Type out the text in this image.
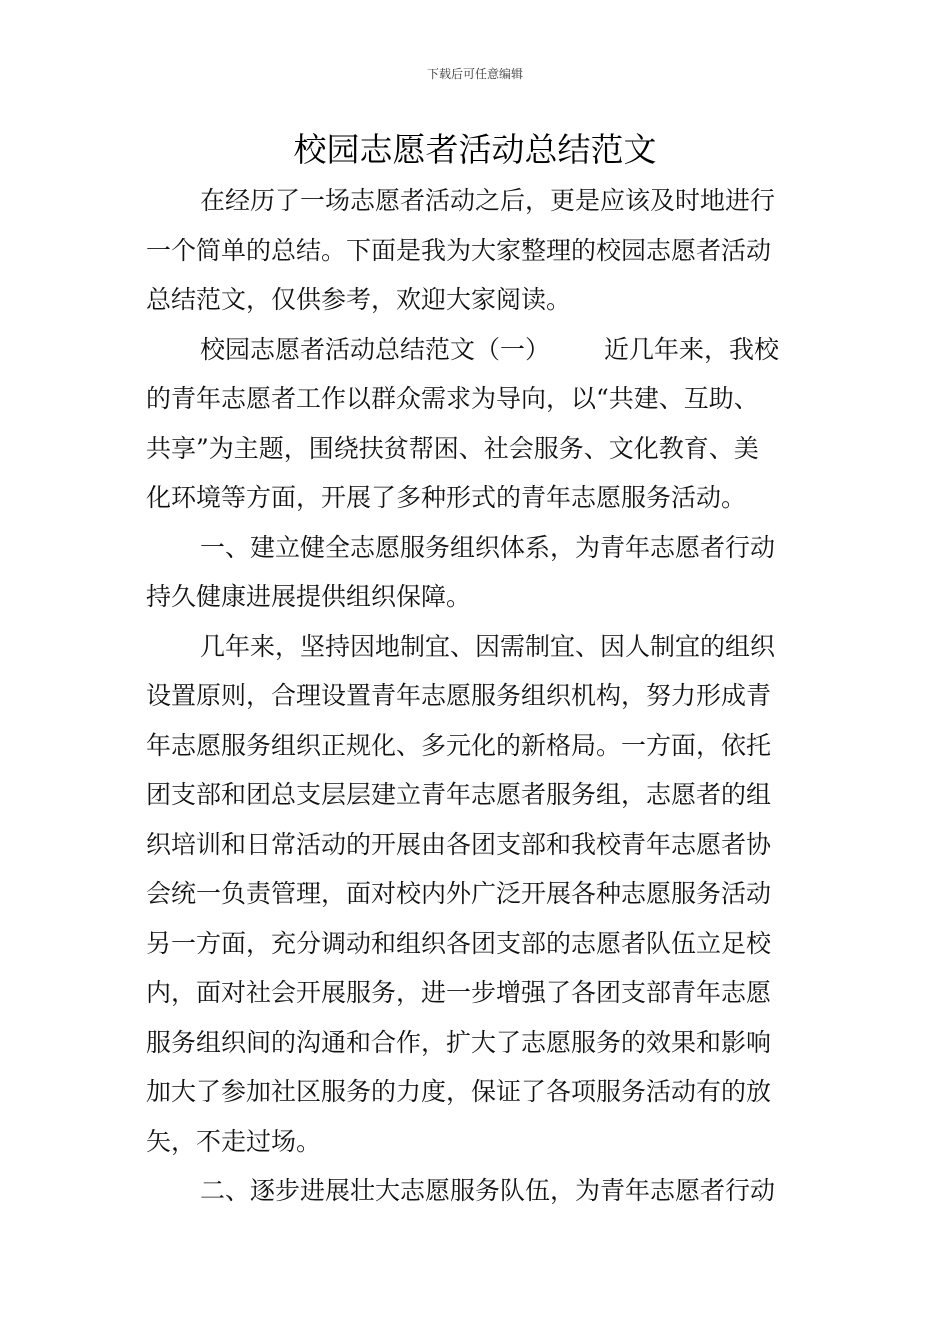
下载后可任意编辑
校园志愿者活动总结范文
在经历了一场志愿者活动之后，更是应该及时地进行
一个简单的总结。下面是我为大家整理的校园志愿者活动
总结范文，仅供参考，欢迎大家阅读。
校园志愿者活动总结范文（一） 近几年来，我校
的青年志愿者工作以群众需求为导向，以“共建、互助、
共享”为主题，围绕扶贫帮困、社会服务、文化教育、美
化环境等方面，开展了多种形式的青年志愿服务活动。
一、建立健全志愿服务组织体系，为青年志愿者行动
持久健康进展提供组织保障。
几年来，坚持因地制宜、因需制宜、因人制宜的组织
设置原则，合理设置青年志愿服务组织机构，努力形成青
年志愿服务组织正规化、多元化的新格局。一方面，依托
团支部和团总支层层建立青年志愿者服务组，志愿者的组
织培训和日常活动的开展由各团支部和我校青年志愿者协
会统一负责管理，面对校内外广泛开展各种志愿服务活动
另一方面，充分调动和组织各团支部的志愿者队伍立足校
内，面对社会开展服务，进一步增强了各团支部青年志愿
服务组织间的沟通和合作，扩大了志愿服务的效果和影响
加大了参加社区服务的力度，保证了各项服务活动有的放
矢，不走过场。
二、逐步进展壮大志愿服务队伍，为青年志愿者行动
